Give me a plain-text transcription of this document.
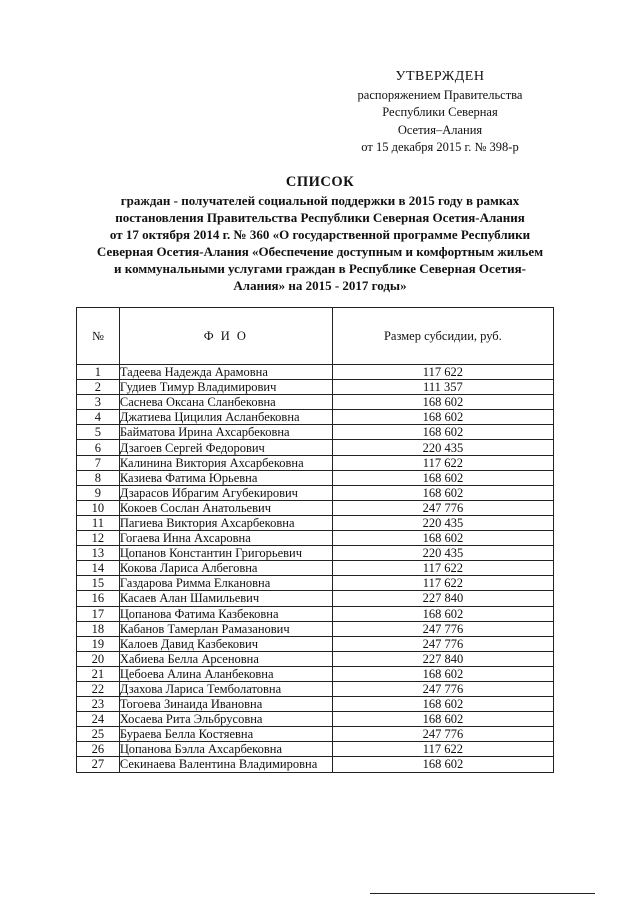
УТВЕРЖДЕН
распоряжением Правительства
Республики Северная
Осетия–Алания
от 15 декабря 2015 г. № 398-р
СПИСОК
граждан - получателей социальной поддержки в 2015 году в рамках
постановления Правительства Республики Северная Осетия-Алания
от 17 октября 2014 г. № 360 «О государственной программе Республики
Северная Осетия-Алания «Обеспечение доступным и комфортным жильем
и коммунальными услугами граждан в Республике Северная Осетия-
Алания» на 2015 - 2017 годы»
№	Ф И О	Размер субсидии, руб.
1	Тадеева Надежда Арамовна	117 622
2	Гудиев Тимур Владимирович	111 357
3	Саснева Оксана Сланбековна	168 602
4	Джатиева Цицилия Асланбековна	168 602
5	Байматова Ирина Ахсарбековна	168 602
6	Дзагоев Сергей Федорович	220 435
7	Калинина Виктория Ахсарбековна	117 622
8	Казиева Фатима Юрьевна	168 602
9	Дзарасов Ибрагим Агубекирович	168 602
10	Кокоев Сослан Анатольевич	247 776
11	Пагиева Виктория Ахсарбековна	220 435
12	Гогаева Инна Ахсаровна	168 602
13	Цопанов Константин Григорьевич	220 435
14	Кокова Лариса Албеговна	117 622
15	Газдарова Римма Елкановна	117 622
16	Касаев Алан Шамильевич	227 840
17	Цопанова Фатима Казбековна	168 602
18	Кабанов Тамерлан Рамазанович	247 776
19	Калоев Давид Казбекович	247 776
20	Хабиева Белла Арсеновна	227 840
21	Цебоева Алина Аланбековна	168 602
22	Дзахова Лариса Темболатовна	247 776
23	Тогоева Зинаида Ивановна	168 602
24	Хосаева Рита Эльбрусовна	168 602
25	Бураева Белла Костяевна	247 776
26	Цопанова Бэлла Ахсарбековна	117 622
27	Секинаева Валентина Владимировна	168 602
